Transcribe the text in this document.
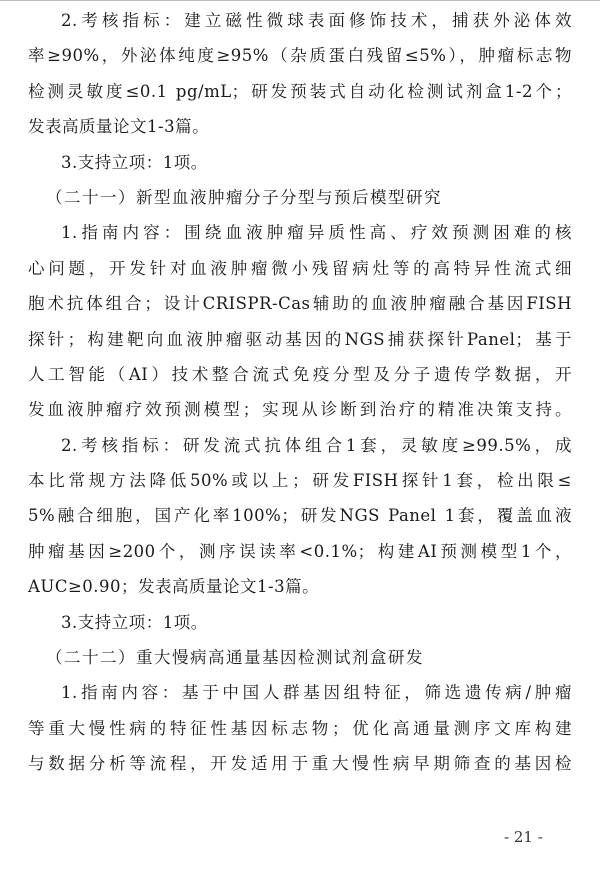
2.考核指标：建立磁性微球表面修饰技术，捕获外泌体效
率≥90%，外泌体纯度≥95%（杂质蛋白残留≤5%），肿瘤标志物
检测灵敏度≤0.1 pg/mL；研发预装式自动化检测试剂盒1-2个；
发表高质量论文1-3篇。
3.支持立项：1项。
（二十一）新型血液肿瘤分子分型与预后模型研究
1.指南内容：围绕血液肿瘤异质性高、疗效预测困难的核
心问题，开发针对血液肿瘤微小残留病灶等的高特异性流式细
胞术抗体组合；设计CRISPR-Cas辅助的血液肿瘤融合基因FISH
探针；构建靶向血液肿瘤驱动基因的NGS捕获探针Panel；基于
人工智能（AI）技术整合流式免疫分型及分子遗传学数据，开
发血液肿瘤疗效预测模型；实现从诊断到治疗的精准决策支持。
2.考核指标：研发流式抗体组合1套，灵敏度≥99.5%，成
本比常规方法降低50%或以上；研发FISH探针1套，检出限≤
5%融合细胞，国产化率100%；研发NGS Panel 1套，覆盖血液
肿瘤基因≥200个，测序误读率<0.1%；构建AI预测模型1个，
AUC≥0.90；发表高质量论文1-3篇。
3.支持立项：1项。
（二十二）重大慢病高通量基因检测试剂盒研发
1.指南内容：基于中国人群基因组特征，筛选遗传病/肿瘤
等重大慢性病的特征性基因标志物；优化高通量测序文库构建
与数据分析等流程，开发适用于重大慢性病早期筛查的基因检
- 21 -
